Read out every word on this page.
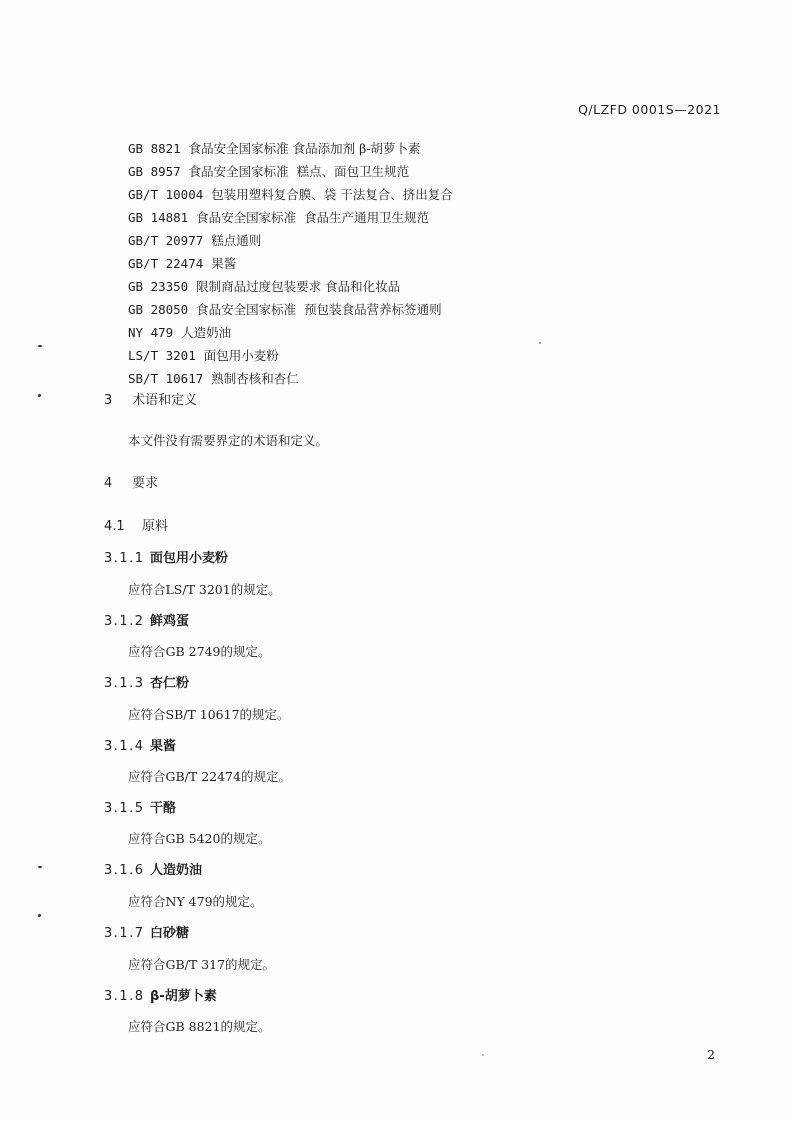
Q/LZFD 0001S—2021
GB 8821 食品安全国家标准 食品添加剂 β-胡萝卜素
GB 8957 食品安全国家标准  糕点、面包卫生规范
GB/T 10004 包装用塑料复合膜、袋 干法复合、挤出复合
GB 14881 食品安全国家标准  食品生产通用卫生规范
GB/T 20977 糕点通则
GB/T 22474 果酱
GB 23350 限制商品过度包装要求 食品和化妆品
GB 28050 食品安全国家标准  预包装食品营养标签通则
NY 479 人造奶油
LS/T 3201 面包用小麦粉
SB/T 10617 熟制杏核和杏仁
3 术语和定义
本文件没有需要界定的术语和定义。
4 要求
4.1 原料
3.1.1 面包用小麦粉
应符合LS/T 3201的规定。
3.1.2 鲜鸡蛋
应符合GB 2749的规定。
3.1.3 杏仁粉
应符合SB/T 10617的规定。
3.1.4 果酱
应符合GB/T 22474的规定。
3.1.5 干酪
应符合GB 5420的规定。
3.1.6 人造奶油
应符合NY 479的规定。
3.1.7 白砂糖
应符合GB/T 317的规定。
3.1.8 β-胡萝卜素
应符合GB 8821的规定。
2
